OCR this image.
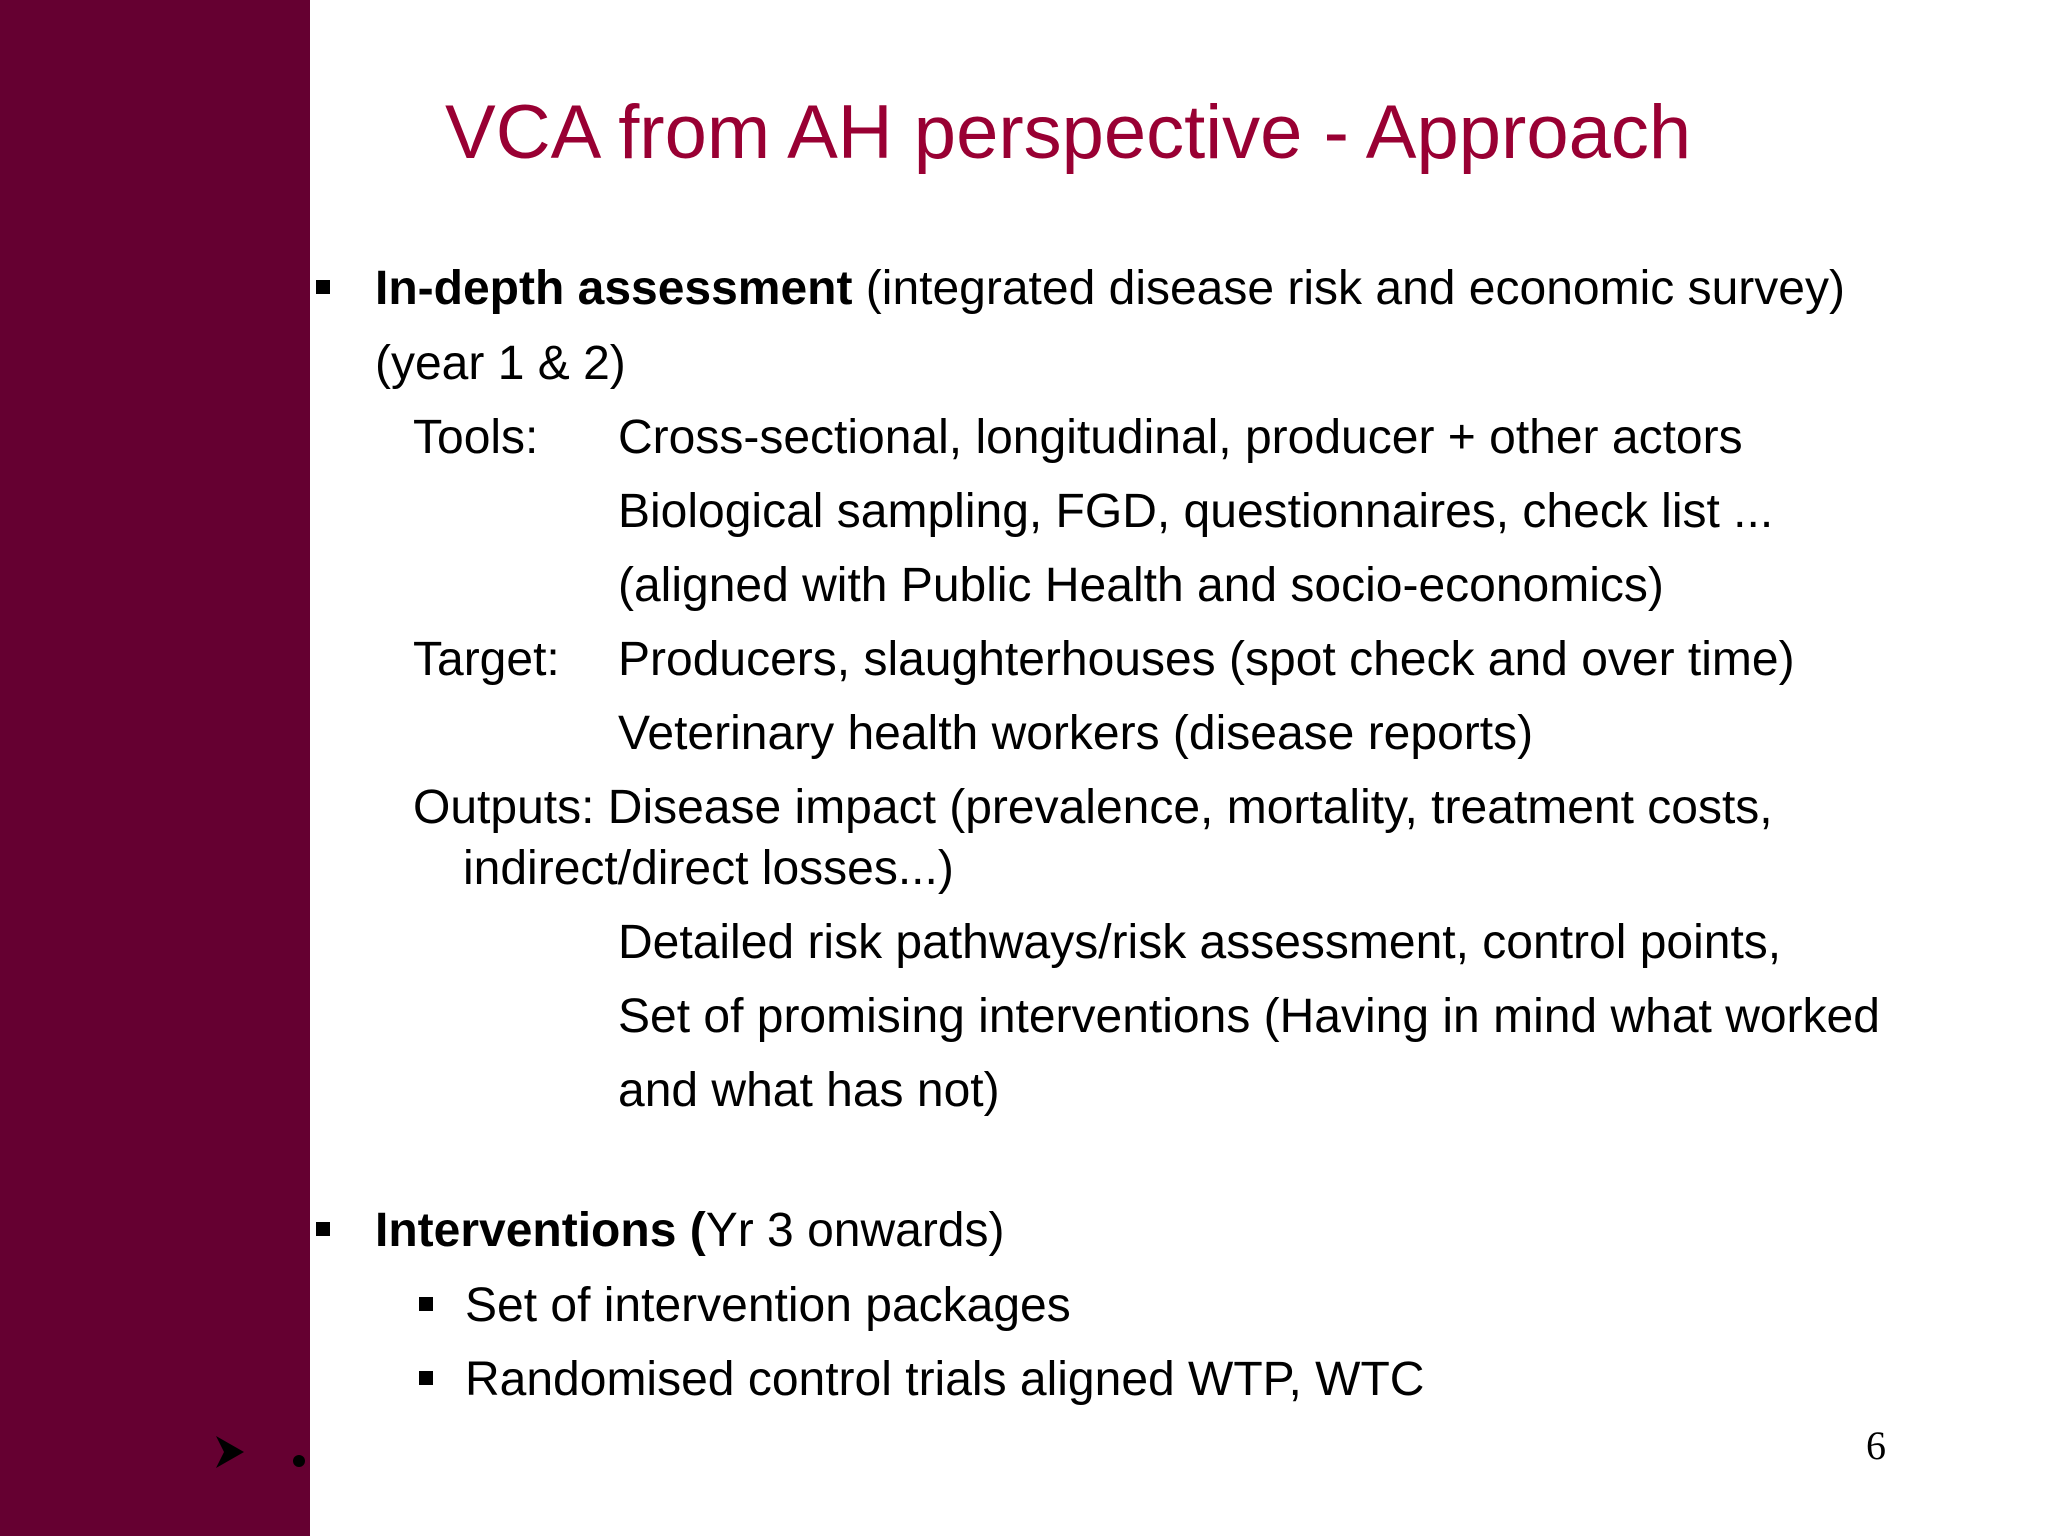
VCA from AH perspective - Approach
In-depth assessment (integrated disease risk and economic survey)
(year 1 & 2)
Tools: Cross-sectional, longitudinal, producer + other actors
Biological sampling, FGD, questionnaires, check list ...
(aligned with Public Health and socio-economics)
Target: Producers, slaughterhouses (spot check and over time)
Veterinary health workers (disease reports)
Outputs: Disease impact (prevalence, mortality, treatment costs,
indirect/direct losses...)
Detailed risk pathways/risk assessment, control points,
Set of promising interventions (Having in mind what worked
and what has not)
Interventions (Yr 3 onwards)
Set of intervention packages
Randomised control trials aligned WTP, WTC
6
